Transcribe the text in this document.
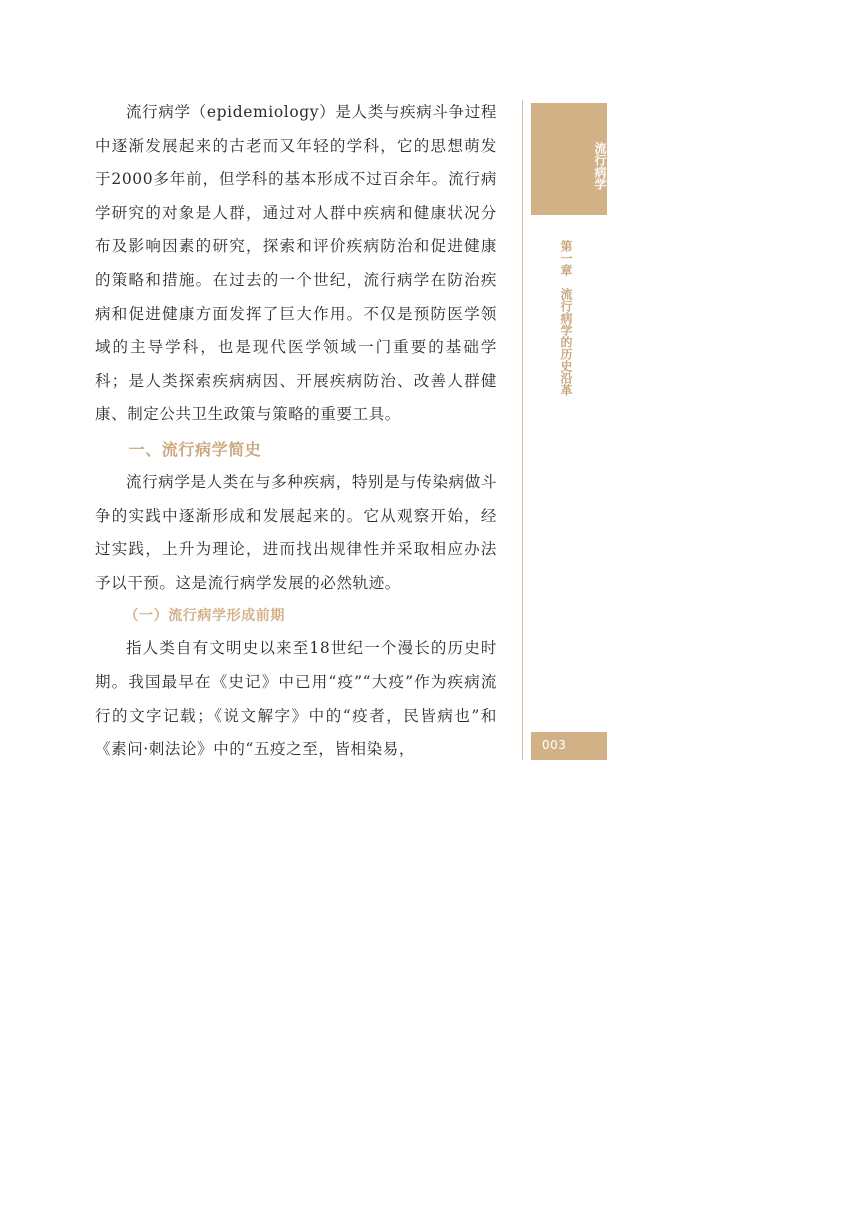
流行病学（epidemiology）是人类与疾病斗争过程中逐渐发展起来的古老而又年轻的学科，它的思想萌发于2000多年前，但学科的基本形成不过百余年。流行病学研究的对象是人群，通过对人群中疾病和健康状况分布及影响因素的研究，探索和评价疾病防治和促进健康的策略和措施。在过去的一个世纪，流行病学在防治疾病和促进健康方面发挥了巨大作用。不仅是预防医学领域的主导学科，也是现代医学领域一门重要的基础学科；是人类探索疾病病因、开展疾病防治、改善人群健康、制定公共卫生政策与策略的重要工具。

一、流行病学简史

流行病学是人类在与多种疾病，特别是与传染病做斗争的实践中逐渐形成和发展起来的。它从观察开始，经过实践，上升为理论，进而找出规律性并采取相应办法予以干预。这是流行病学发展的必然轨迹。

（一）流行病学形成前期

指人类自有文明史以来至18世纪一个漫长的历史时期。我国最早在《史记》中已用“疫”“大疫”作为疾病流行的文字记载；《说文解字》中的“疫者，民皆病也”和《素问·刺法论》中的“五疫之至，皆相染易，

流行病学
第一章　流行病学的历史沿革
003
